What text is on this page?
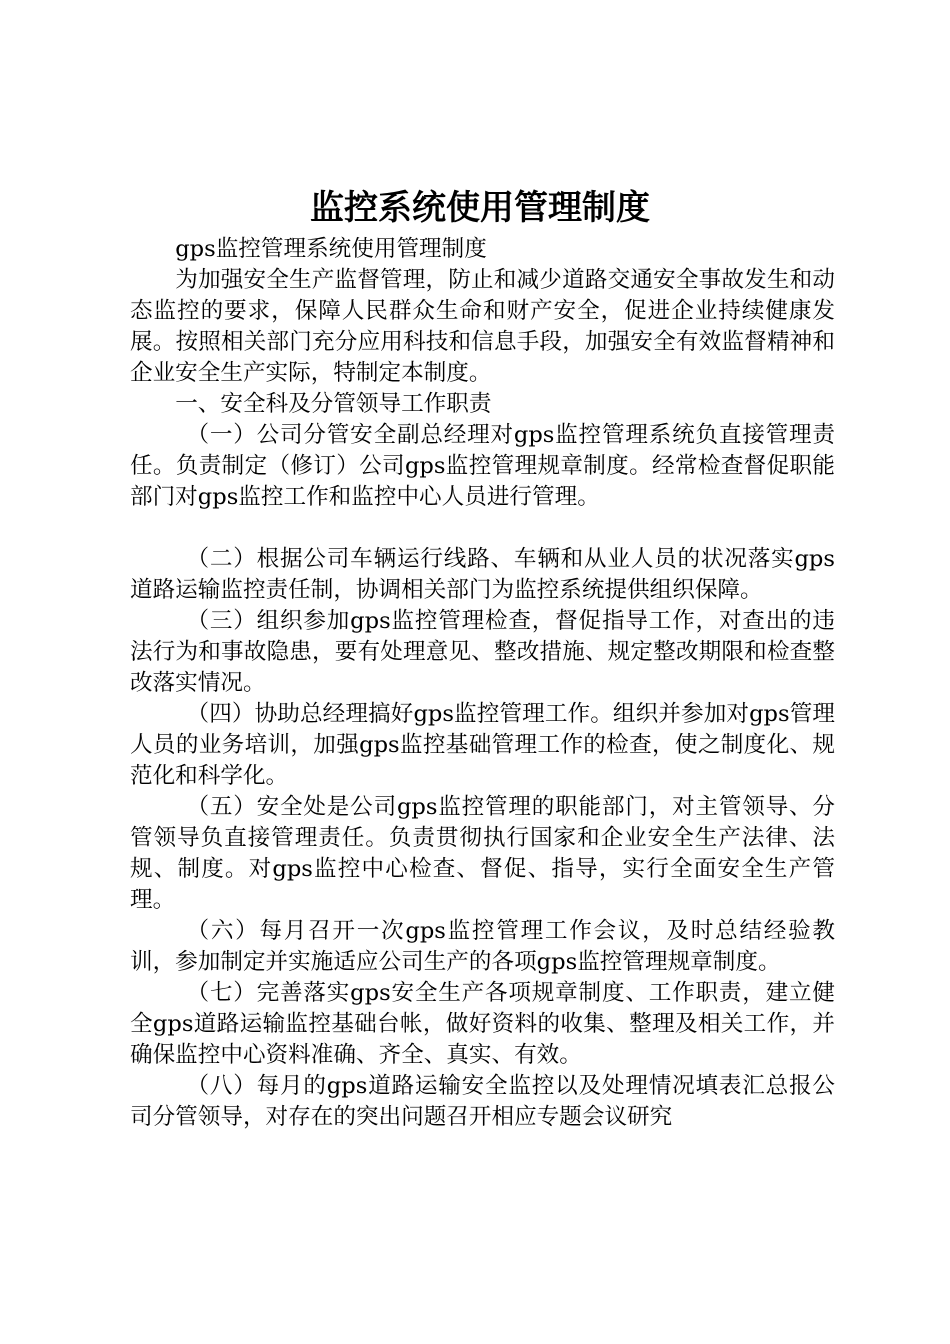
监控系统使用管理制度

gps监控管理系统使用管理制度

为加强安全生产监督管理，防止和减少道路交通安全事故发生和动态监控的要求，保障人民群众生命和财产安全，促进企业持续健康发展。按照相关部门充分应用科技和信息手段，加强安全有效监督精神和企业安全生产实际，特制定本制度。

一、安全科及分管领导工作职责

（一）公司分管安全副总经理对gps监控管理系统负直接管理责任。负责制定（修订）公司gps监控管理规章制度。经常检查督促职能部门对gps监控工作和监控中心人员进行管理。

（二）根据公司车辆运行线路、车辆和从业人员的状况落实gps道路运输监控责任制，协调相关部门为监控系统提供组织保障。

（三）组织参加gps监控管理检查，督促指导工作，对查出的违法行为和事故隐患，要有处理意见、整改措施、规定整改期限和检查整改落实情况。

（四）协助总经理搞好gps监控管理工作。组织并参加对gps管理人员的业务培训，加强gps监控基础管理工作的检查，使之制度化、规范化和科学化。

（五）安全处是公司gps监控管理的职能部门，对主管领导、分管领导负直接管理责任。负责贯彻执行国家和企业安全生产法律、法规、制度。对gps监控中心检查、督促、指导，实行全面安全生产管理。

（六）每月召开一次gps监控管理工作会议，及时总结经验教训，参加制定并实施适应公司生产的各项gps监控管理规章制度。

（七）完善落实gps安全生产各项规章制度、工作职责，建立健全gps道路运输监控基础台帐，做好资料的收集、整理及相关工作，并确保监控中心资料准确、齐全、真实、有效。

（八）每月的gps道路运输安全监控以及处理情况填表汇总报公司分管领导，对存在的突出问题召开相应专题会议研究
